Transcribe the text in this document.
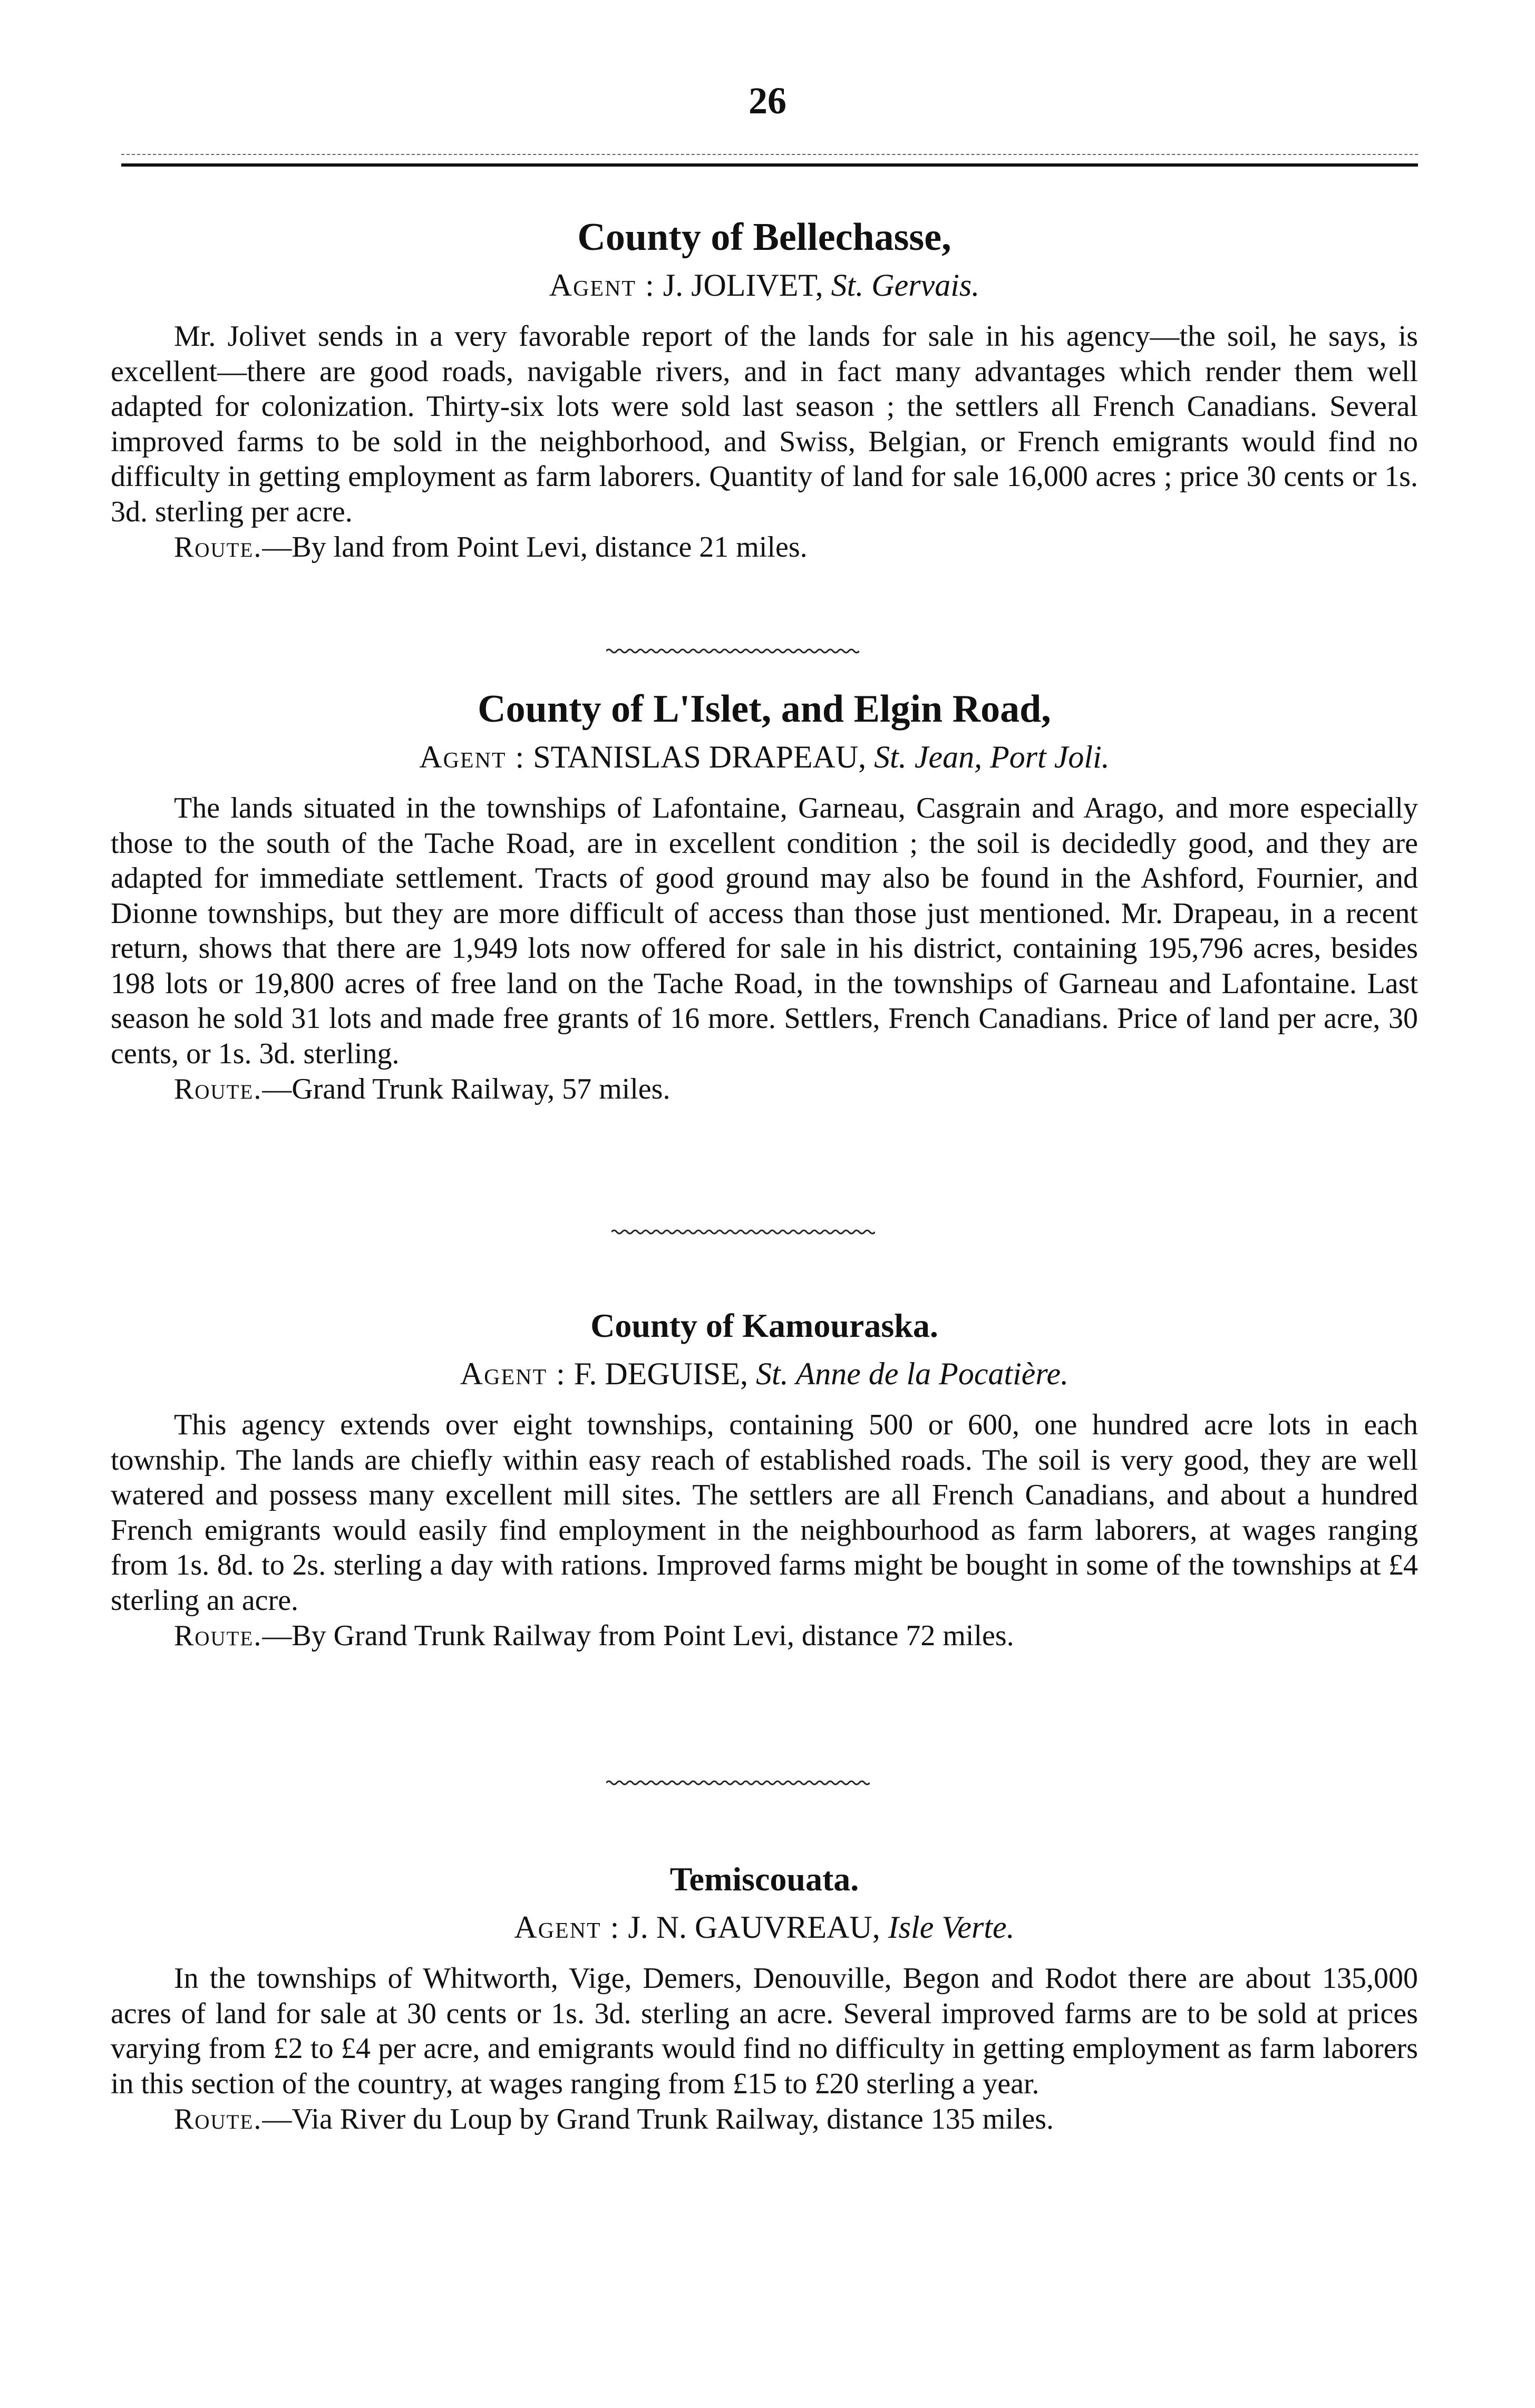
26
County of Bellechasse,
Agent : J. JOLIVET, St. Gervais.

Mr. Jolivet sends in a very favorable report of the lands for sale in his agency—the soil, he says, is excellent—there are good roads, navigable rivers, and in fact many advantages which render them well adapted for colonization. Thirty-six lots were sold last season ; the settlers all French Canadians. Several improved farms to be sold in the neighborhood, and Swiss, Belgian, or French emigrants would find no difficulty in getting employment as farm laborers. Quantity of land for sale 16,000 acres ; price 30 cents or 1s. 3d. sterling per acre.

Route.—By land from Point Levi, distance 21 miles.

County of L'Islet, and Elgin Road,
Agent : STANISLAS DRAPEAU, St. Jean, Port Joli.

The lands situated in the townships of Lafontaine, Garneau, Casgrain and Arago, and more especially those to the south of the Tache Road, are in excellent condition ; the soil is decidedly good, and they are adapted for immediate settlement. Tracts of good ground may also be found in the Ashford, Fournier, and Dionne townships, but they are more difficult of access than those just mentioned. Mr. Drapeau, in a recent return, shows that there are 1,949 lots now offered for sale in his district, containing 195,796 acres, besides 198 lots or 19,800 acres of free land on the Tache Road, in the townships of Garneau and Lafontaine. Last season he sold 31 lots and made free grants of 16 more. Settlers, French Canadians. Price of land per acre, 30 cents, or 1s. 3d. sterling.

Route.—Grand Trunk Railway, 57 miles.

County of Kamouraska.
Agent : F. DEGUISE, St. Anne de la Pocatière.

This agency extends over eight townships, containing 500 or 600, one hundred acre lots in each township. The lands are chiefly within easy reach of established roads. The soil is very good, they are well watered and possess many excellent mill sites. The settlers are all French Canadians, and about a hundred French emigrants would easily find employment in the neighbourhood as farm laborers, at wages ranging from 1s. 8d. to 2s. sterling a day with rations. Improved farms might be bought in some of the townships at £4 sterling an acre.

Route.—By Grand Trunk Railway from Point Levi, distance 72 miles.

Temiscouata.
Agent : J. N. GAUVREAU, Isle Verte.

In the townships of Whitworth, Vige, Demers, Denouville, Begon and Rodot there are about 135,000 acres of land for sale at 30 cents or 1s. 3d. sterling an acre. Several improved farms are to be sold at prices varying from £2 to £4 per acre, and emigrants would find no difficulty in getting employment as farm laborers in this section of the country, at wages ranging from £15 to £20 sterling a year.

Route.—Via River du Loup by Grand Trunk Railway, distance 135 miles.
